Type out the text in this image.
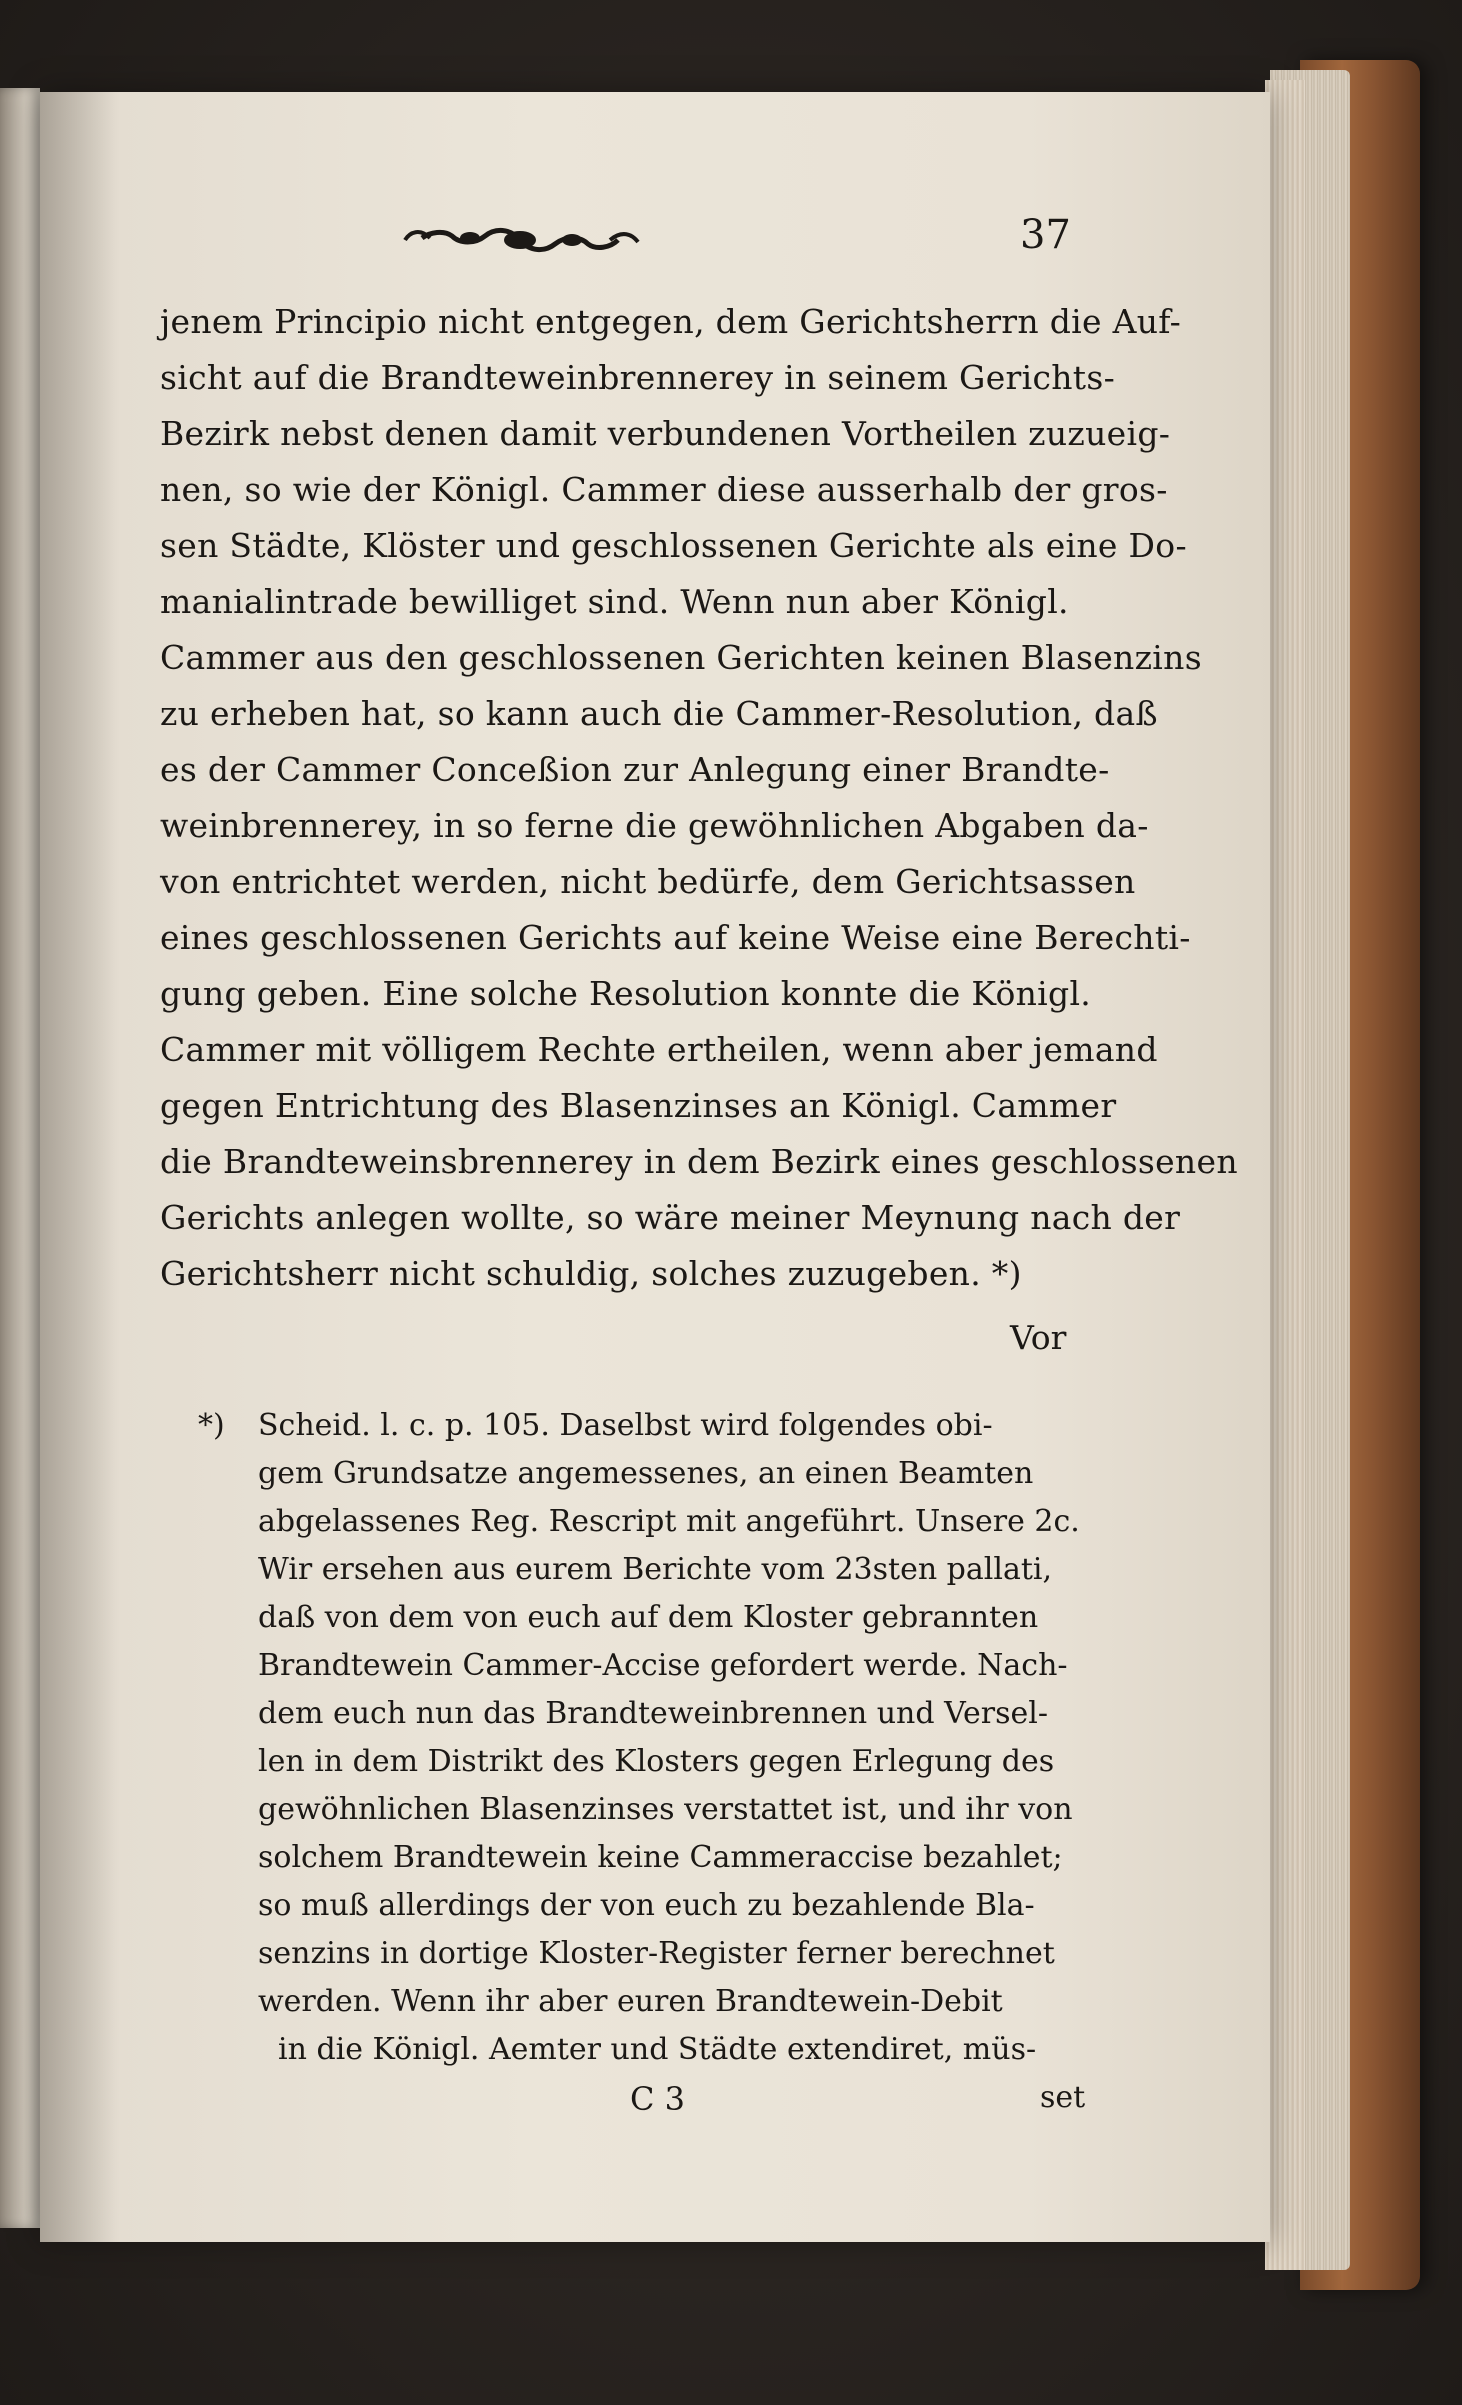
37
jenem Principio nicht entgegen, dem Gerichtsherrn die Auf-
sicht auf die Brandteweinbrennerey in seinem Gerichts-
Bezirk nebst denen damit verbundenen Vortheilen zuzueig-
nen, so wie der Königl. Cammer diese ausserhalb der gros-
sen Städte, Klöster und geschlossenen Gerichte als eine Do-
manialintrade bewilliget sind. Wenn nun aber Königl.
Cammer aus den geschlossenen Gerichten keinen Blasenzins
zu erheben hat, so kann auch die Cammer-Resolution, daß
es der Cammer Conceßion zur Anlegung einer Brandte-
weinbrennerey, in so ferne die gewöhnlichen Abgaben da-
von entrichtet werden, nicht bedürfe, dem Gerichtsassen
eines geschlossenen Gerichts auf keine Weise eine Berechti-
gung geben. Eine solche Resolution konnte die Königl.
Cammer mit völligem Rechte ertheilen, wenn aber jemand
gegen Entrichtung des Blasenzinses an Königl. Cammer
die Brandteweinsbrennerey in dem Bezirk eines geschlossenen
Gerichts anlegen wollte, so wäre meiner Meynung nach der
Gerichtsherr nicht schuldig, solches zuzugeben. *)
Vor
*) Scheid. l. c. p. 105. Daselbst wird folgendes obi-
gem Grundsatze angemessenes, an einen Beamten
abgelassenes Reg. Rescript mit angeführt. Unsere 2c.
Wir ersehen aus eurem Berichte vom 23sten pallati,
daß von dem von euch auf dem Kloster gebrannten
Brandtewein Cammer-Accise gefordert werde. Nach-
dem euch nun das Brandteweinbrennen und Versel-
len in dem Distrikt des Klosters gegen Erlegung des
gewöhnlichen Blasenzinses verstattet ist, und ihr von
solchem Brandtewein keine Cammeraccise bezahlet;
so muß allerdings der von euch zu bezahlende Bla-
senzins in dortige Kloster-Register ferner berechnet
werden. Wenn ihr aber euren Brandtewein-Debit
in die Königl. Aemter und Städte extendiret, müs-
C 3	set
